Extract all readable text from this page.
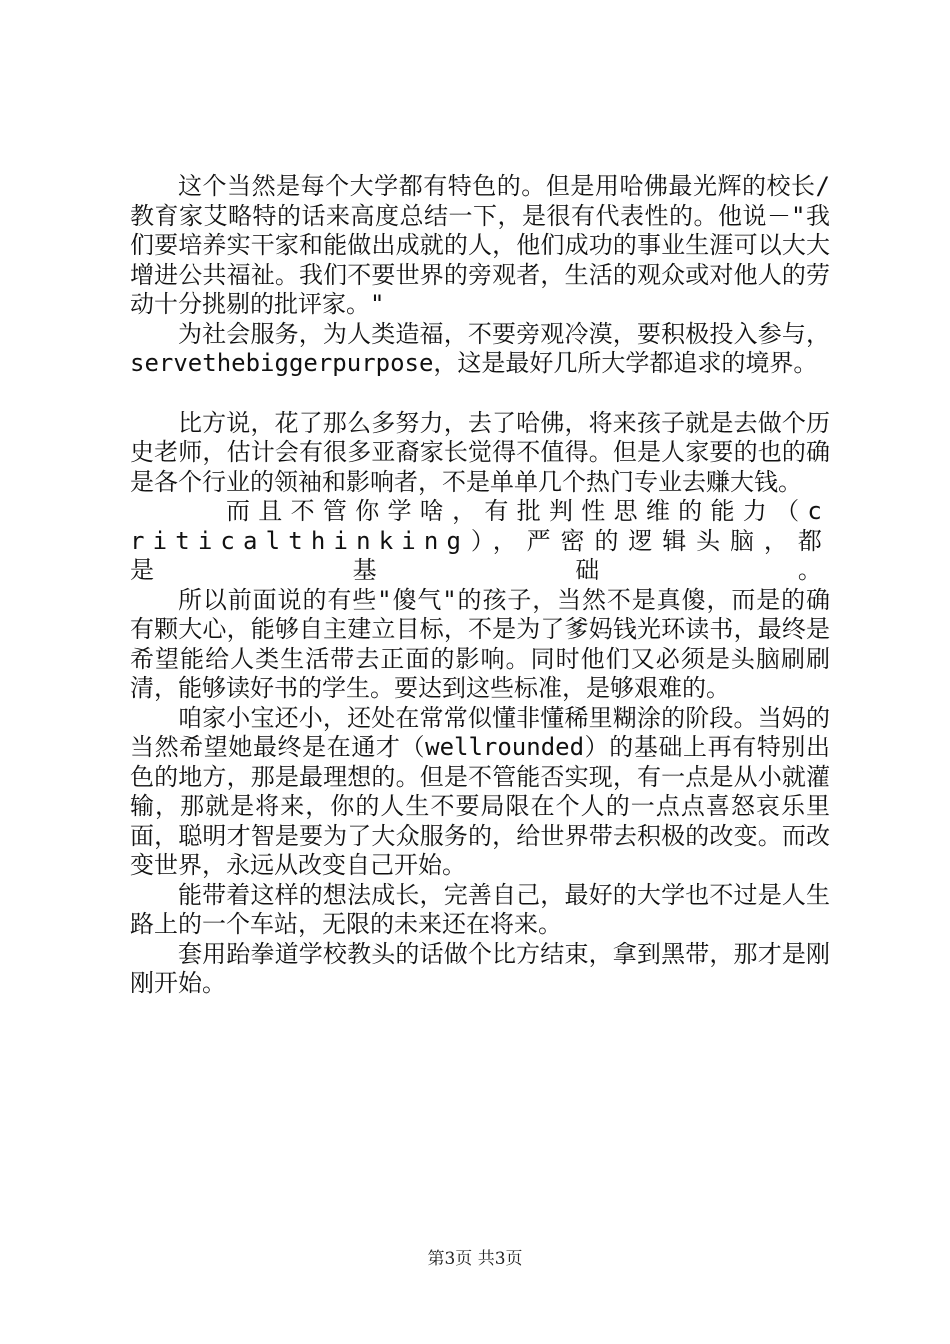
这个当然是每个大学都有特色的。但是用哈佛最光辉的校长/教育家艾略特的话来高度总结一下，是很有代表性的。他说－"我们要培养实干家和能做出成就的人，他们成功的事业生涯可以大大增进公共福祉。我们不要世界的旁观者，生活的观众或对他人的劳动十分挑剔的批评家。"

为社会服务，为人类造福，不要旁观冷漠，要积极投入参与，servethebiggerpurpose，这是最好几所大学都追求的境界。

比方说，花了那么多努力，去了哈佛，将来孩子就是去做个历史老师，估计会有很多亚裔家长觉得不值得。但是人家要的也的确是各个行业的领袖和影响者，不是单单几个热门专业去赚大钱。

而且不管你学啥，有批判性思维的能力（criticalthinking），严密的逻辑头脑，都是基础。

所以前面说的有些"傻气"的孩子，当然不是真傻，而是的确有颗大心，能够自主建立目标，不是为了爹妈钱光环读书，最终是希望能给人类生活带去正面的影响。同时他们又必须是头脑刷刷清，能够读好书的学生。要达到这些标准，是够艰难的。

咱家小宝还小，还处在常常似懂非懂稀里糊涂的阶段。当妈的当然希望她最终是在通才（wellrounded）的基础上再有特别出色的地方，那是最理想的。但是不管能否实现，有一点是从小就灌输，那就是将来，你的人生不要局限在个人的一点点喜怒哀乐里面，聪明才智是要为了大众服务的，给世界带去积极的改变。而改变世界，永远从改变自己开始。

能带着这样的想法成长，完善自己，最好的大学也不过是人生路上的一个车站，无限的未来还在将来。

套用跆拳道学校教头的话做个比方结束，拿到黑带，那才是刚刚开始。

第3页 共3页
